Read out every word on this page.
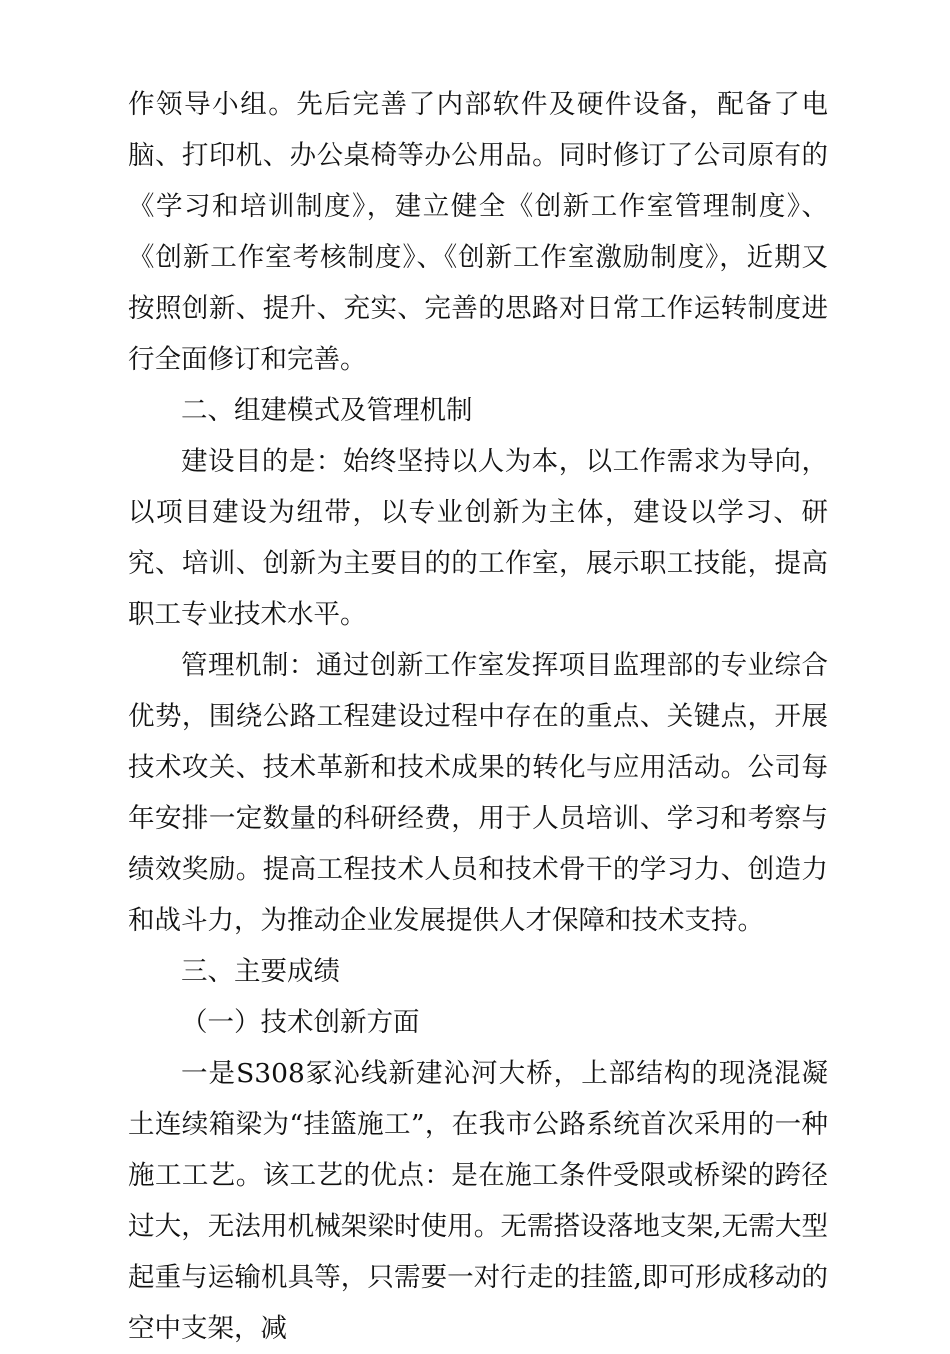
作领导小组。先后完善了内部软件及硬件设备，配备了电脑、打印机、办公桌椅等办公用品。同时修订了公司原有的《学习和培训制度》，建立健全《创新工作室管理制度》、《创新工作室考核制度》、《创新工作室激励制度》，近期又按照创新、提升、充实、完善的思路对日常工作运转制度进行全面修订和完善。

二、组建模式及管理机制

建设目的是：始终坚持以人为本，以工作需求为导向，以项目建设为纽带，以专业创新为主体，建设以学习、研究、培训、创新为主要目的的工作室，展示职工技能，提高职工专业技术水平。

管理机制：通过创新工作室发挥项目监理部的专业综合优势，围绕公路工程建设过程中存在的重点、关键点，开展技术攻关、技术革新和技术成果的转化与应用活动。公司每年安排一定数量的科研经费，用于人员培训、学习和考察与绩效奖励。提高工程技术人员和技术骨干的学习力、创造力和战斗力，为推动企业发展提供人才保障和技术支持。

三、主要成绩

（一）技术创新方面

一是S308冢沁线新建沁河大桥，上部结构的现浇混凝土连续箱梁为“挂篮施工”，在我市公路系统首次采用的一种施工工艺。该工艺的优点：是在施工条件受限或桥梁的跨径过大，无法用机械架梁时使用。无需搭设落地支架,无需大型起重与运输机具等，只需要一对行走的挂篮,即可形成移动的空中支架，减
